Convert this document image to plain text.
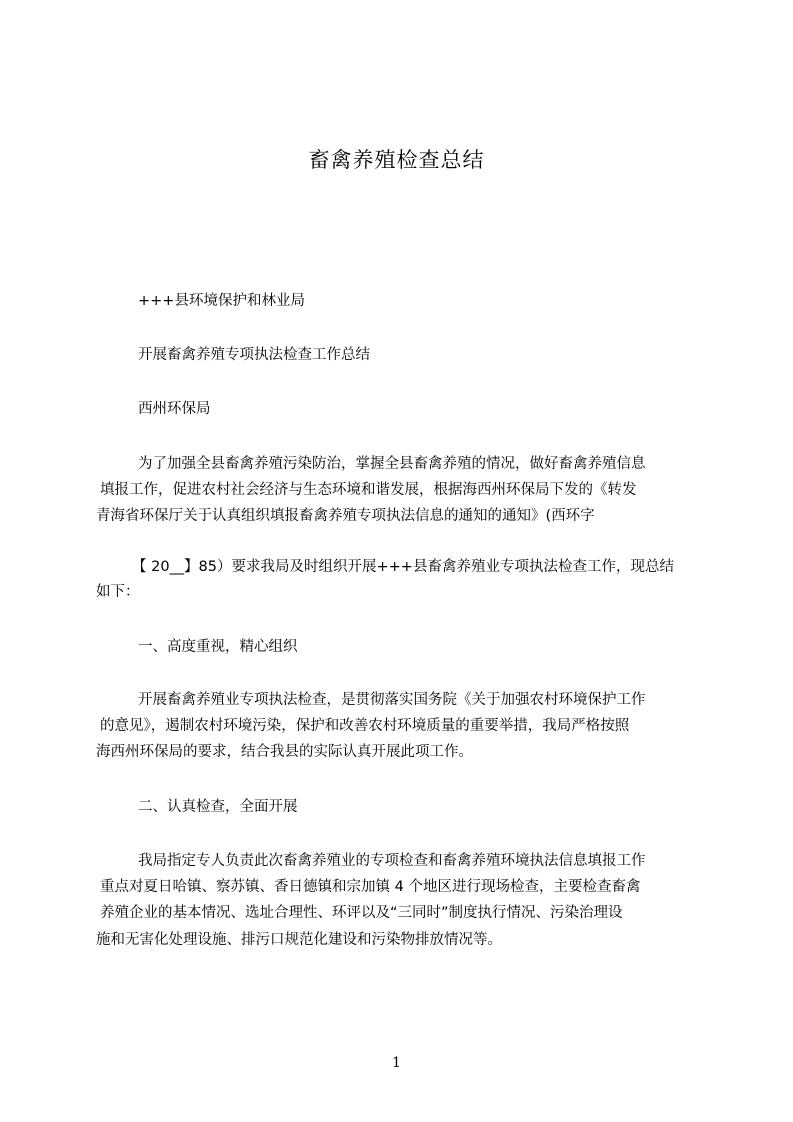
畜禽养殖检查总结
+++县环境保护和林业局
开展畜禽养殖专项执法检查工作总结
西州环保局
为了加强全县畜禽养殖污染防治，掌握全县畜禽养殖的情况，做好畜禽养殖信息
填报工作，促进农村社会经济与生态环境和谐发展，根据海西州环保局下发的《转发
青海省环保厅关于认真组织填报畜禽养殖专项执法信息的通知的通知》(西环字
【 20__】85）要求我局及时组织开展+++县畜禽养殖业专项执法检查工作，现总结
如下：
一、高度重视，精心组织
开展畜禽养殖业专项执法检查，是贯彻落实国务院《关于加强农村环境保护工作
的意见》，遏制农村环境污染，保护和改善农村环境质量的重要举措，我局严格按照
海西州环保局的要求，结合我县的实际认真开展此项工作。
二、认真检查，全面开展
我局指定专人负责此次畜禽养殖业的专项检查和畜禽养殖环境执法信息填报工作
重点对夏日哈镇、察苏镇、香日德镇和宗加镇 4 个地区进行现场检查，主要检查畜禽
养殖企业的基本情况、选址合理性、环评以及“三同时”制度执行情况、污染治理设
施和无害化处理设施、排污口规范化建设和污染物排放情况等。
1
